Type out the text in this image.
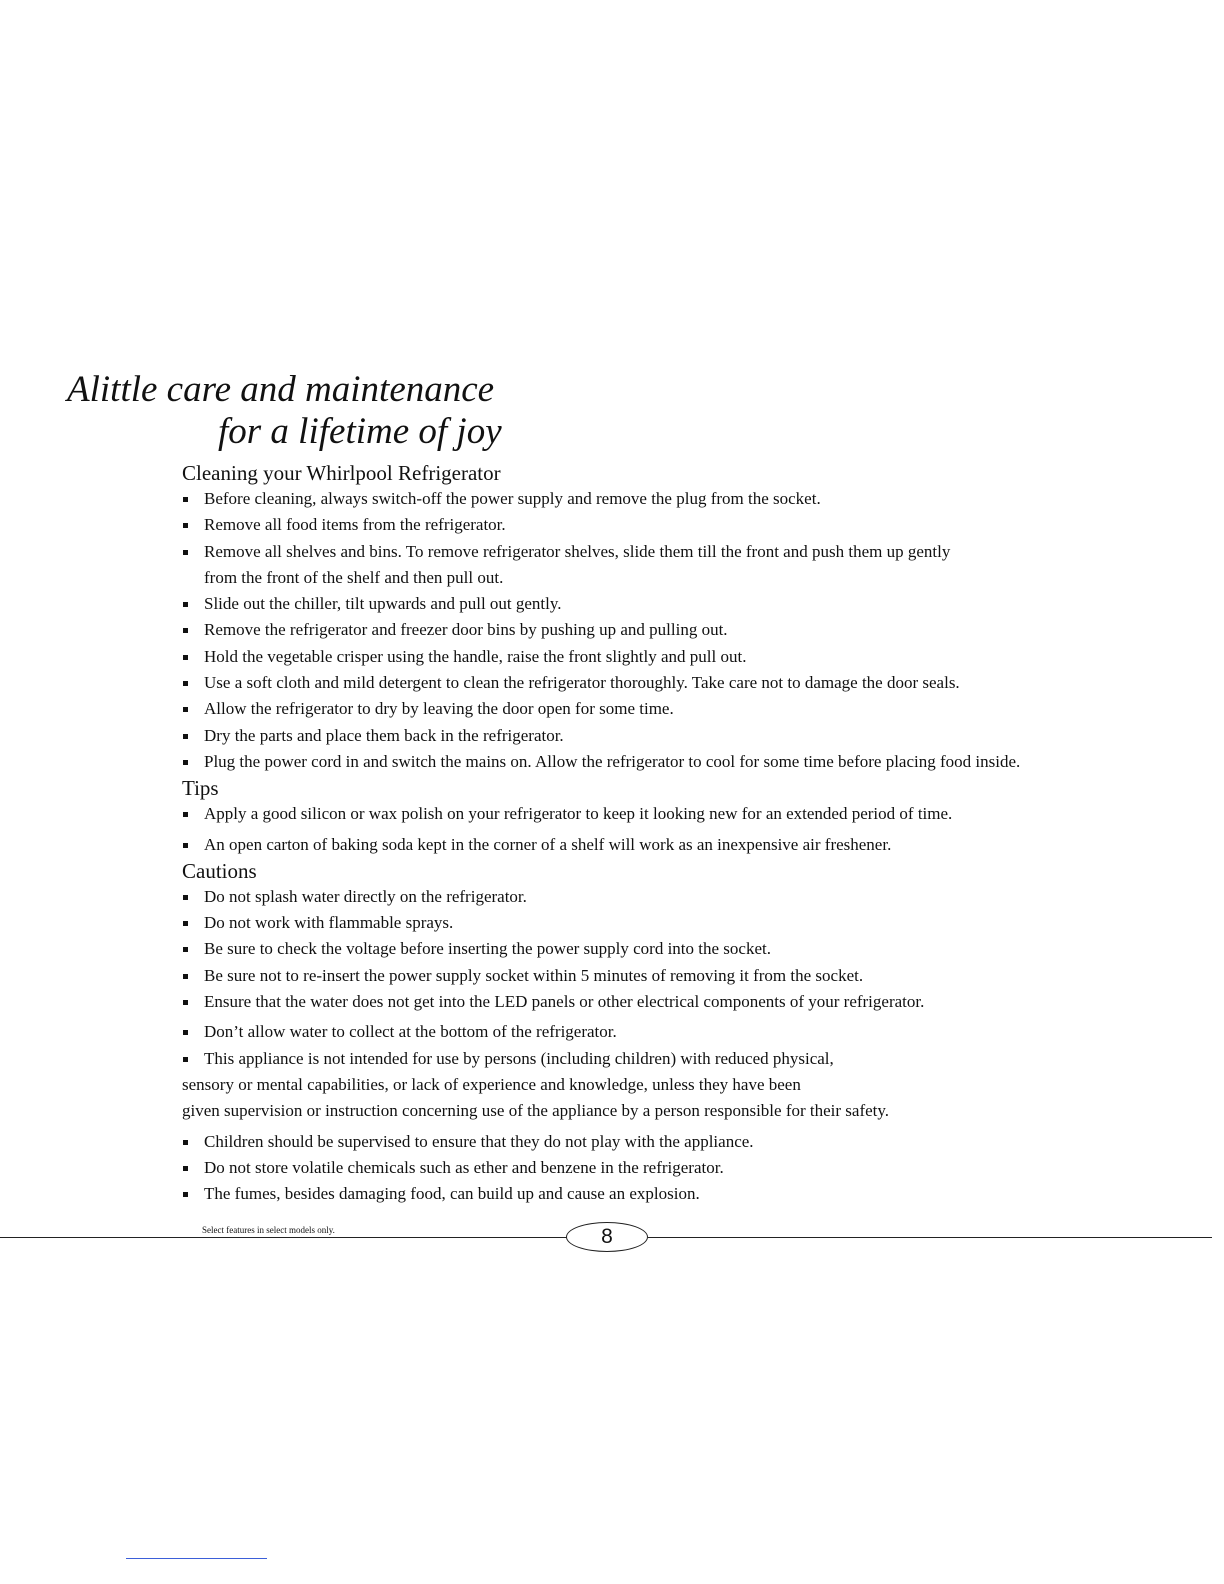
Alittle care and maintenance
for a lifetime of joy
Cleaning your Whirlpool Refrigerator
Before cleaning, always switch-off the power supply and remove the plug from the socket.
Remove all food items from the refrigerator.
Remove all shelves and bins. To remove refrigerator shelves, slide them till the front and push them up gently from the front of the shelf and then pull out.
Slide out the chiller, tilt upwards and pull out gently.
Remove the refrigerator and freezer door bins by pushing up and pulling out.
Hold the vegetable crisper using the handle, raise the front slightly and pull out.
Use a soft cloth and mild detergent to clean the refrigerator thoroughly. Take care not to damage the door seals.
Allow the refrigerator to dry by leaving the door open for some time.
Dry the parts and place them back in the refrigerator.
Plug the power cord in and switch the mains on. Allow the refrigerator to cool for some time before placing food inside.
Tips
Apply a good silicon or wax polish on your refrigerator to keep it looking new for an extended period of time.
An open carton of baking soda kept in the corner of a shelf will work as an inexpensive air freshener.
Cautions
Do not splash water directly on the refrigerator.
Do not work with flammable sprays.
Be sure to check the voltage before inserting the power supply cord into the socket.
Be sure not to re-insert the power supply socket within 5 minutes of removing it from the socket.
Ensure that the water does not get into the LED panels or other electrical components of your refrigerator.
Don’t allow water to collect at the bottom of the refrigerator.
This appliance is not intended for use by persons (including children) with reduced physical,
sensory or mental capabilities, or lack of experience and knowledge, unless they have been
given supervision or instruction concerning use of the appliance by a person responsible for their safety.
Children should be supervised to ensure that they do not play with the appliance.
Do not store volatile chemicals such as ether and benzene in the refrigerator.
The fumes, besides damaging food, can build up and cause an explosion.
Select features in select models only.	8
